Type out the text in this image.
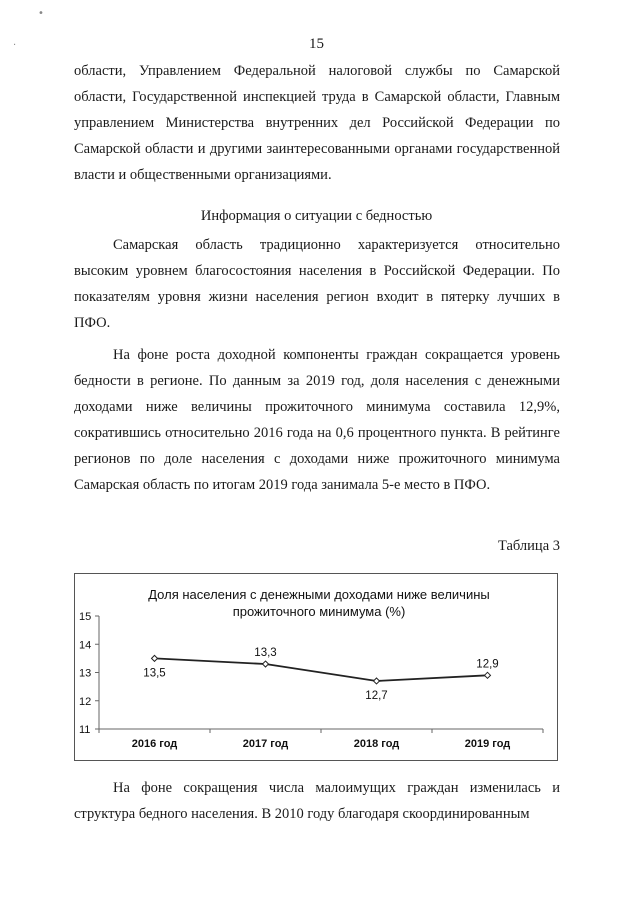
•
·	15

области, Управлением Федеральной налоговой службы по Самарской области, Государственной инспекцией труда в Самарской области, Главным управлением Министерства внутренних дел Российской Федерации по Самарской области и другими заинтересованными органами государственной власти и общественными организациями.

Информация о ситуации с бедностью

Самарская область традиционно характеризуется относительно высоким уровнем благосостояния населения в Российской Федерации. По показателям уровня жизни населения регион входит в пятерку лучших в ПФО.

На фоне роста доходной компоненты граждан сокращается уровень бедности в регионе. По данным за 2019 год, доля населения с денежными доходами ниже величины прожиточного минимума составила 12,9%, сократившись относительно 2016 года на 0,6 процентного пункта. В рейтинге регионов по доле населения с доходами ниже прожиточного минимума Самарская область по итогам 2019 года занимала 5-е место в ПФО.

Таблица 3
Доля населения с денежными доходами ниже величины
прожиточного минимума (%)
11
12
13
14
15
2016 год	2017 год	2018 год	2019 год
13,5
13,3
12,7
12,9

На фоне сокращения числа малоимущих граждан изменилась и структура бедного населения. В 2010 году благодаря скоординированным
